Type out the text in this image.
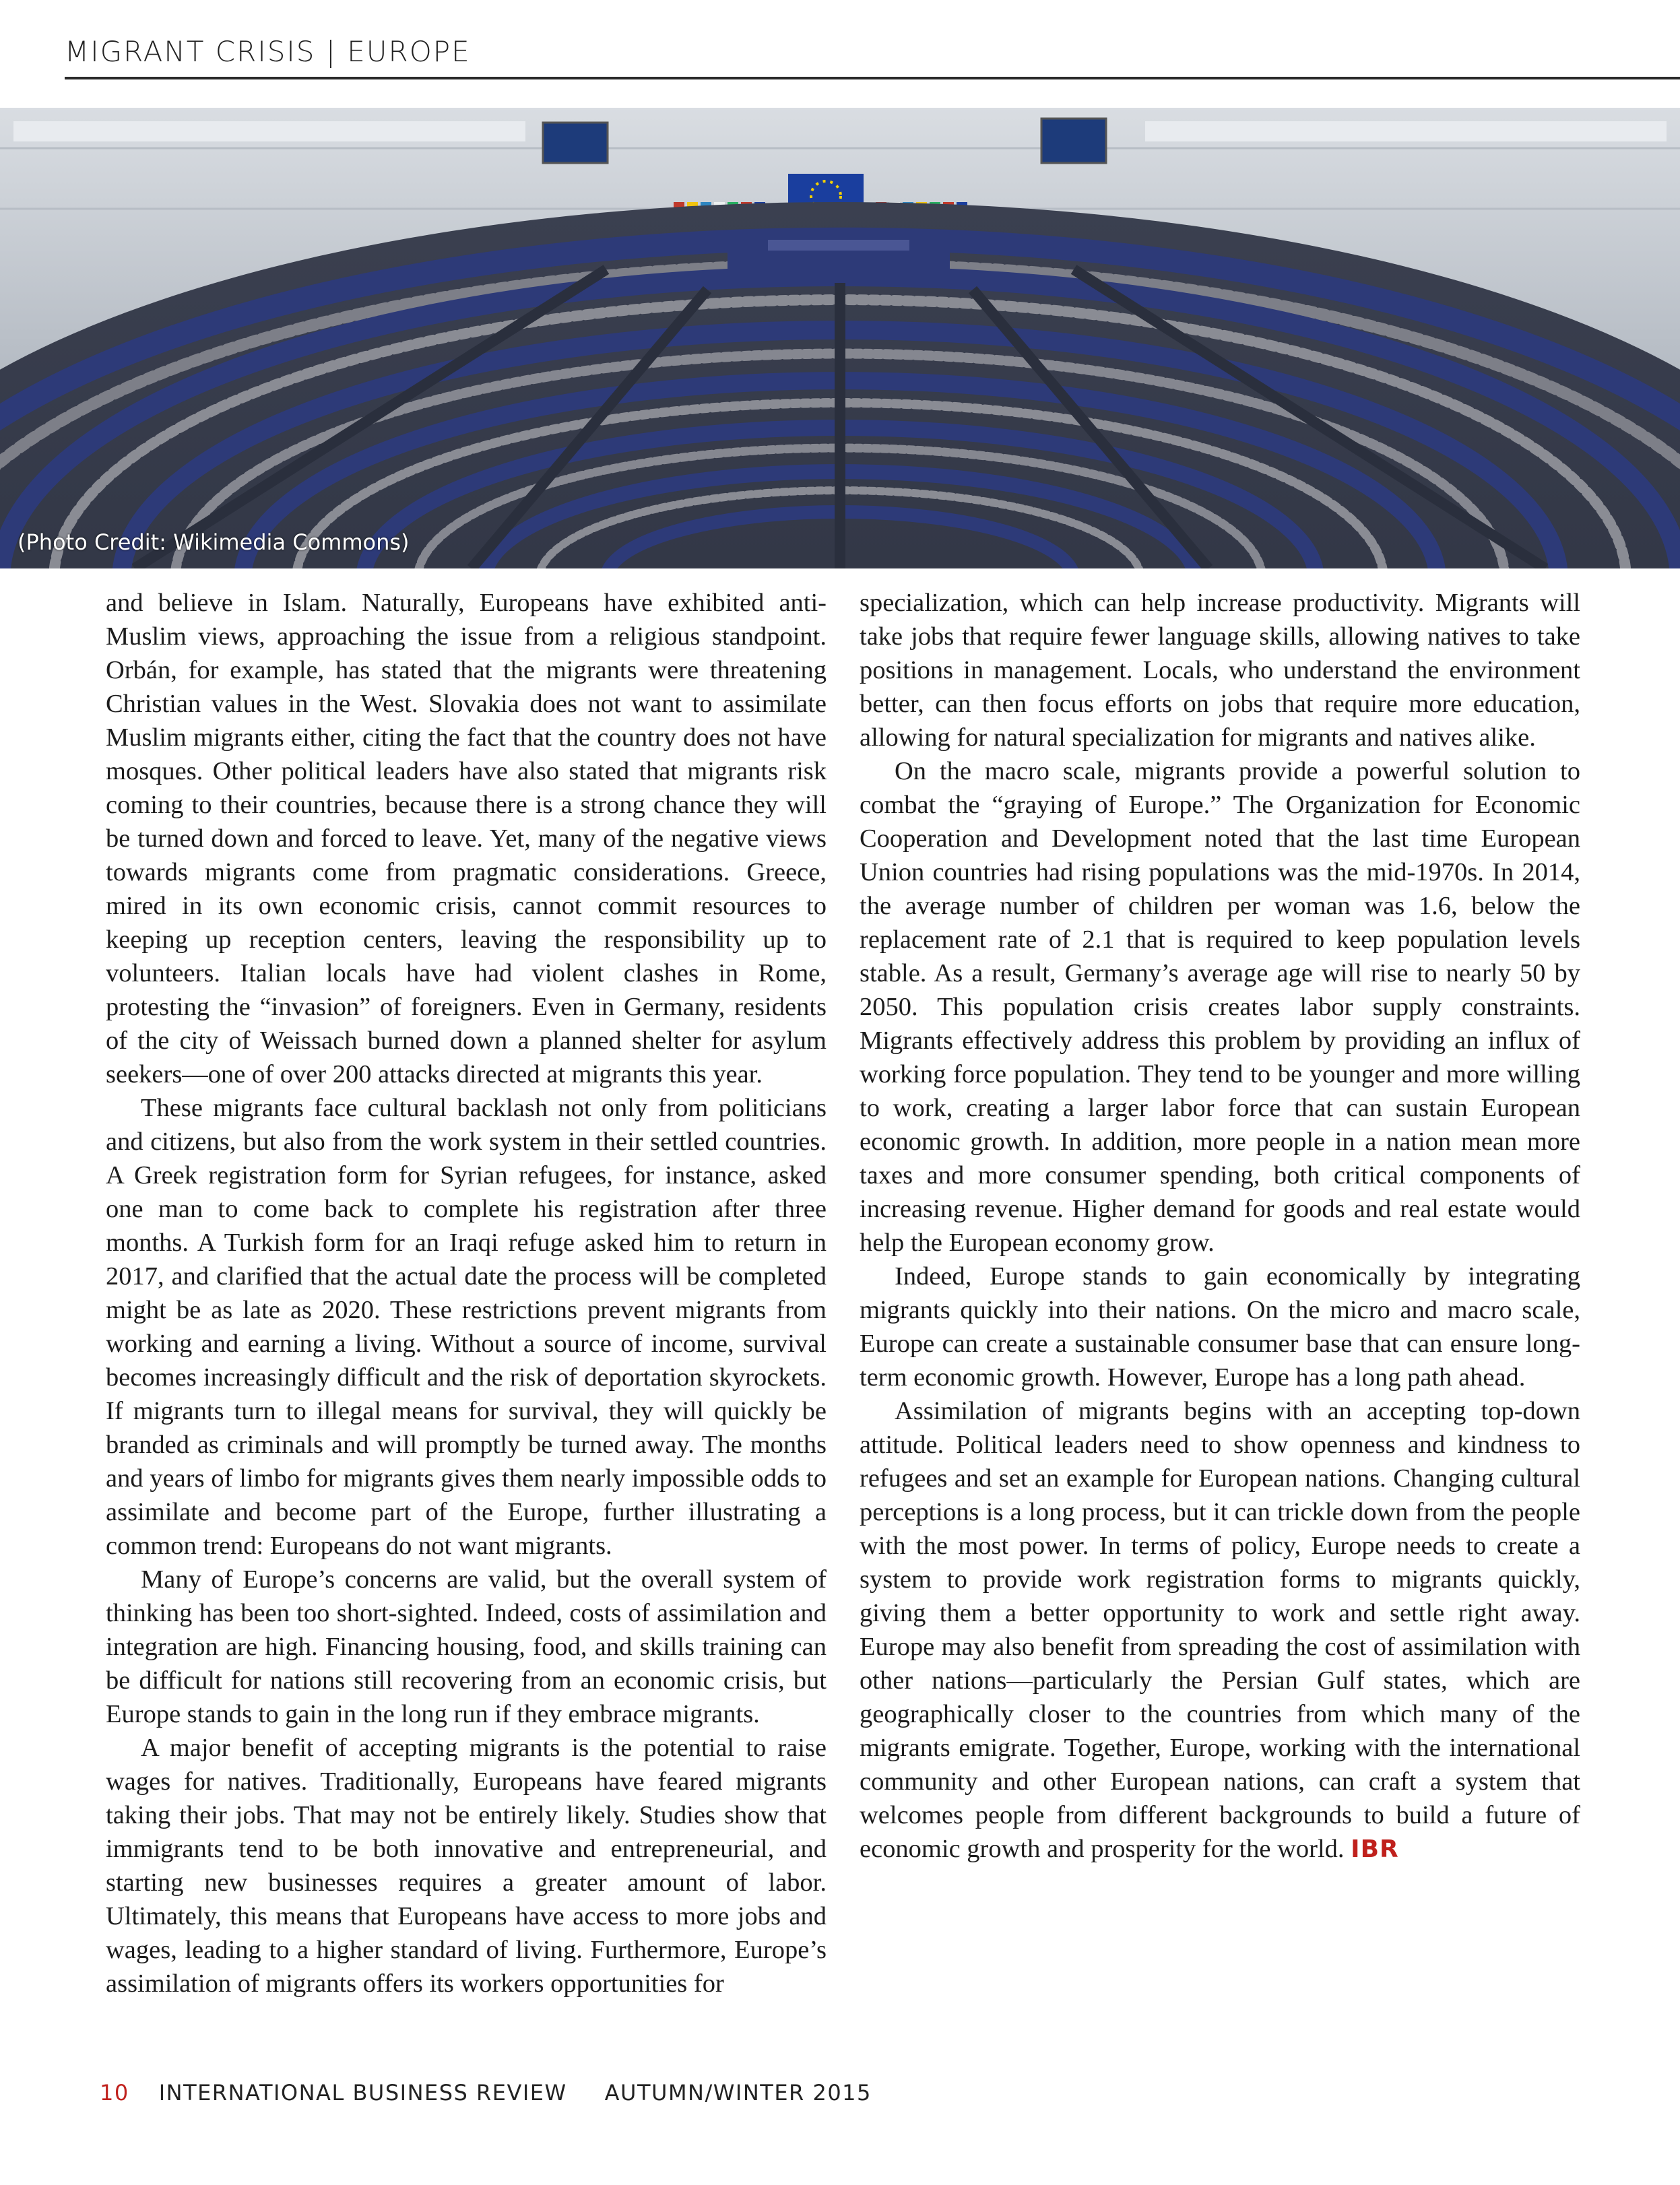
MIGRANT CRISIS | EUROPE
(Photo Credit: Wikimedia Commons)

and believe in Islam. Naturally, Europeans have exhibited anti-Muslim views, approaching the issue from a religious standpoint. Orbán, for example, has stated that the migrants were threatening Christian values in the West. Slovakia does not want to assimilate Muslim migrants either, citing the fact that the country does not have mosques. Other political leaders have also stated that migrants risk coming to their countries, because there is a strong chance they will be turned down and forced to leave. Yet, many of the negative views towards migrants come from pragmatic considerations. Greece, mired in its own economic crisis, cannot commit resources to keeping up reception centers, leaving the responsibility up to volunteers. Italian locals have had violent clashes in Rome, protesting the “invasion” of foreigners. Even in Germany, residents of the city of Weissach burned down a planned shelter for asylum seekers—one of over 200 attacks directed at migrants this year.

These migrants face cultural backlash not only from politicians and citizens, but also from the work system in their settled countries. A Greek registration form for Syrian refugees, for instance, asked one man to come back to complete his registration after three months. A Turkish form for an Iraqi refuge asked him to return in 2017, and clarified that the actual date the process will be completed might be as late as 2020. These restrictions prevent migrants from working and earning a living. Without a source of income, survival becomes increasingly difficult and the risk of deportation skyrockets. If migrants turn to illegal means for survival, they will quickly be branded as criminals and will promptly be turned away. The months and years of limbo for migrants gives them nearly impossible odds to assimilate and become part of the Europe, further illustrating a common trend: Europeans do not want migrants.

Many of Europe’s concerns are valid, but the overall system of thinking has been too short-sighted. Indeed, costs of assimilation and integration are high. Financing housing, food, and skills training can be difficult for nations still recovering from an economic crisis, but Europe stands to gain in the long run if they embrace migrants.

A major benefit of accepting migrants is the potential to raise wages for natives. Traditionally, Europeans have feared migrants taking their jobs. That may not be entirely likely. Studies show that immigrants tend to be both innovative and entrepreneurial, and starting new businesses requires a greater amount of labor. Ultimately, this means that Europeans have access to more jobs and wages, leading to a higher standard of living. Furthermore, Europe’s assimilation of migrants offers its workers opportunities for

specialization, which can help increase productivity. Migrants will take jobs that require fewer language skills, allowing natives to take positions in management. Locals, who understand the environment better, can then focus efforts on jobs that require more education, allowing for natural specialization for migrants and natives alike.

On the macro scale, migrants provide a powerful solution to combat the “graying of Europe.” The Organization for Economic Cooperation and Development noted that the last time European Union countries had rising populations was the mid-1970s. In 2014, the average number of children per woman was 1.6, below the replacement rate of 2.1 that is required to keep population levels stable. As a result, Germany’s average age will rise to nearly 50 by 2050. This population crisis creates labor supply constraints. Migrants effectively address this problem by providing an influx of working force population. They tend to be younger and more willing to work, creating a larger labor force that can sustain European economic growth. In addition, more people in a nation mean more taxes and more consumer spending, both critical components of increasing revenue. Higher demand for goods and real estate would help the European economy grow.

Indeed, Europe stands to gain economically by integrating migrants quickly into their nations. On the micro and macro scale, Europe can create a sustainable consumer base that can ensure long-term economic growth. However, Europe has a long path ahead.

Assimilation of migrants begins with an accepting top-down attitude. Political leaders need to show openness and kindness to refugees and set an example for European nations. Changing cultural perceptions is a long process, but it can trickle down from the people with the most power. In terms of policy, Europe needs to create a system to provide work registration forms to migrants quickly, giving them a better opportunity to work and settle right away. Europe may also benefit from spreading the cost of assimilation with other nations—particularly the Persian Gulf states, which are geographically closer to the countries from which many of the migrants emigrate. Together, Europe, working with the international community and other European nations, can craft a system that welcomes people from different backgrounds to build a future of economic growth and prosperity for the world. IBR

10 INTERNATIONAL BUSINESS REVIEW AUTUMN/WINTER 2015
